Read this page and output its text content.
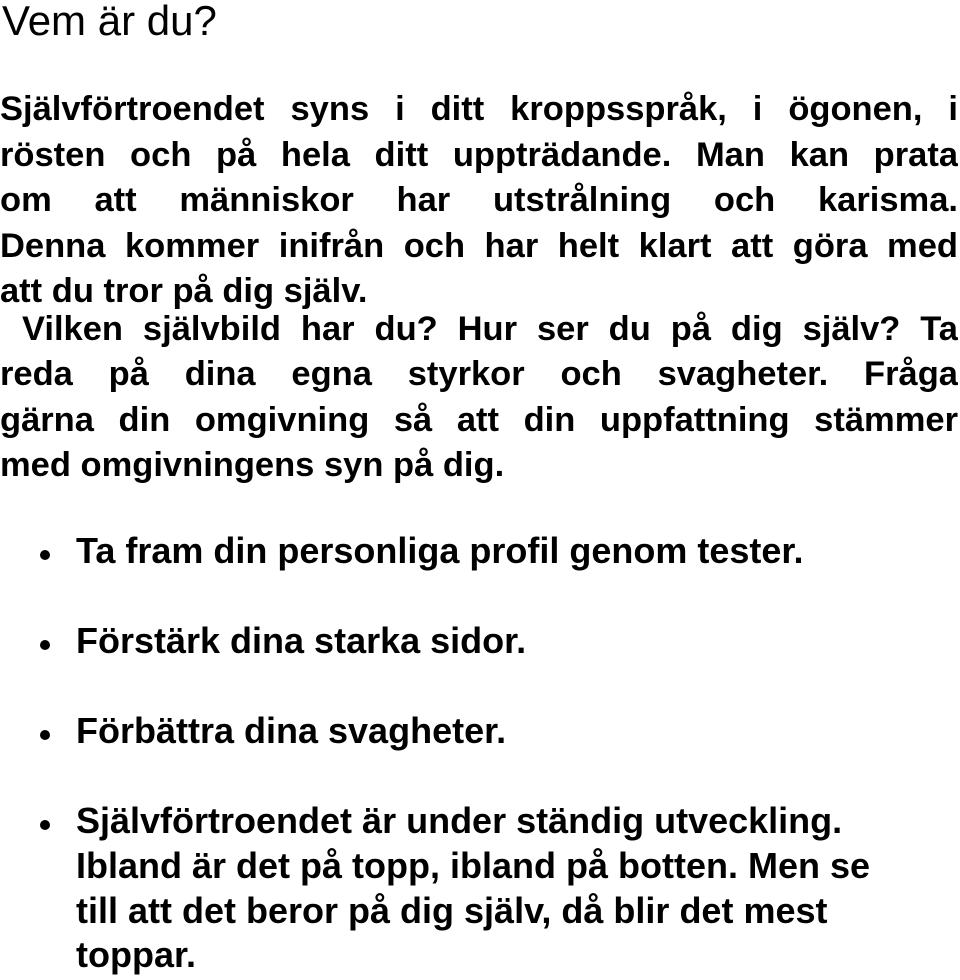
Vem är du?
Självförtroendet syns i ditt kroppsspråk, i ögonen, i
rösten och på hela ditt uppträdande. Man kan prata
om att människor har utstrålning och karisma.
Denna kommer inifrån och har helt klart att göra med
att du tror på dig själv.
Vilken självbild har du? Hur ser du på dig själv? Ta
reda på dina egna styrkor och svagheter. Fråga
gärna din omgivning så att din uppfattning stämmer
med omgivningens syn på dig.
Ta fram din personliga profil genom tester.
Förstärk dina starka sidor.
Förbättra dina svagheter.
Självförtroendet är under ständig utveckling.
Ibland är det på topp, ibland på botten. Men se
till att det beror på dig själv, då blir det mest
toppar.
